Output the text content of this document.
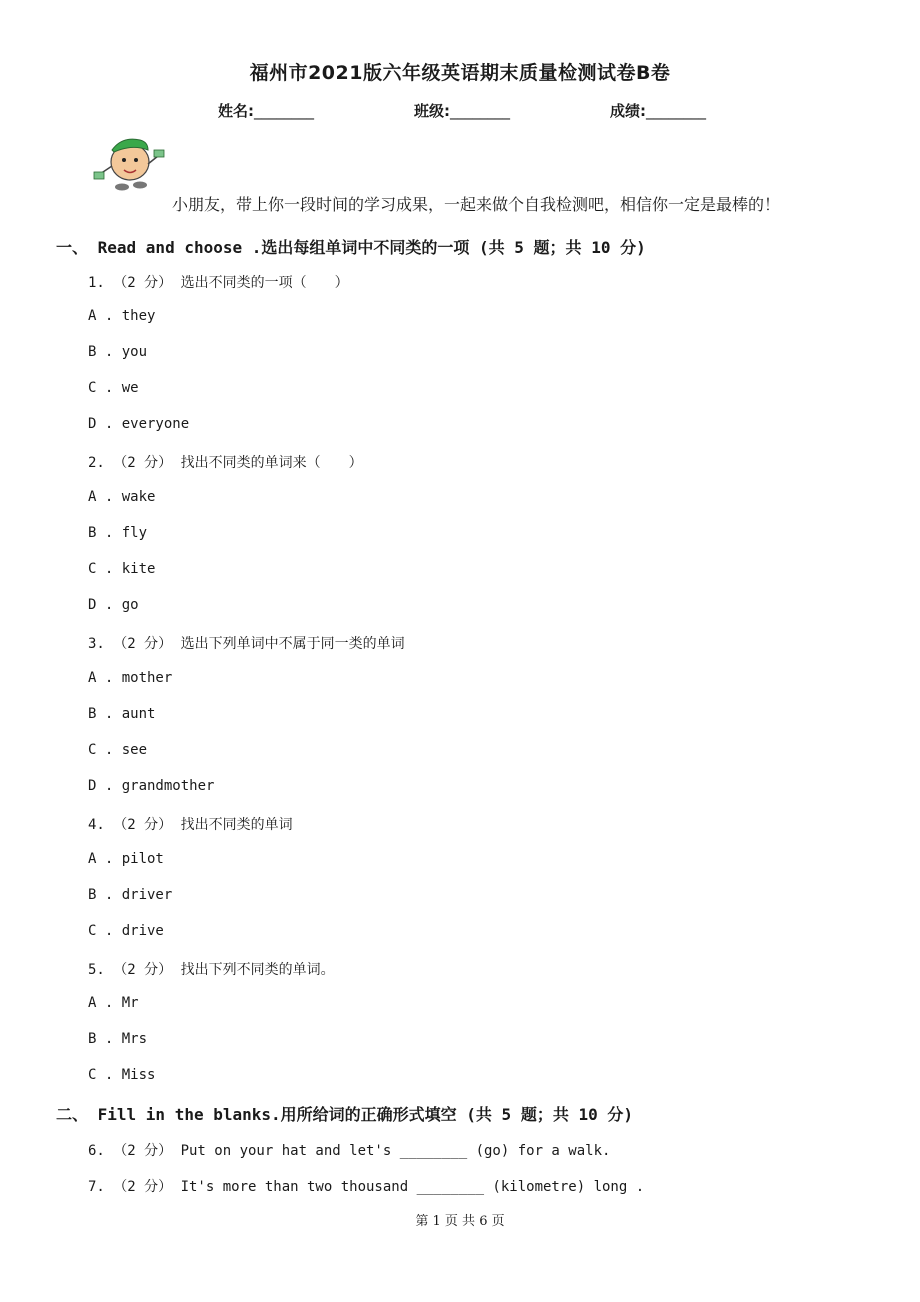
福州市2021版六年级英语期末质量检测试卷B卷
姓名:________	班级:________	成绩:________
小朋友，带上你一段时间的学习成果，一起来做个自我检测吧，相信你一定是最棒的！
一、 Read and choose .选出每组单词中不同类的一项 (共 5 题；共 10 分)
1. （2 分） 选出不同类的一项（　　）
A . they
B . you
C . we
D . everyone
2. （2 分） 找出不同类的单词来（　　）
A . wake
B . fly
C . kite
D . go
3. （2 分） 选出下列单词中不属于同一类的单词
A . mother
B . aunt
C . see
D . grandmother
4. （2 分） 找出不同类的单词
A . pilot
B . driver
C . drive
5. （2 分） 找出下列不同类的单词。
A . Mr
B . Mrs
C . Miss
二、 Fill in the blanks.用所给词的正确形式填空 (共 5 题；共 10 分)
6. （2 分） Put on your hat and let's ________ (go) for a walk.
7. （2 分） It's more than two thousand ________ (kilometre) long .
第 1 页 共 6 页
